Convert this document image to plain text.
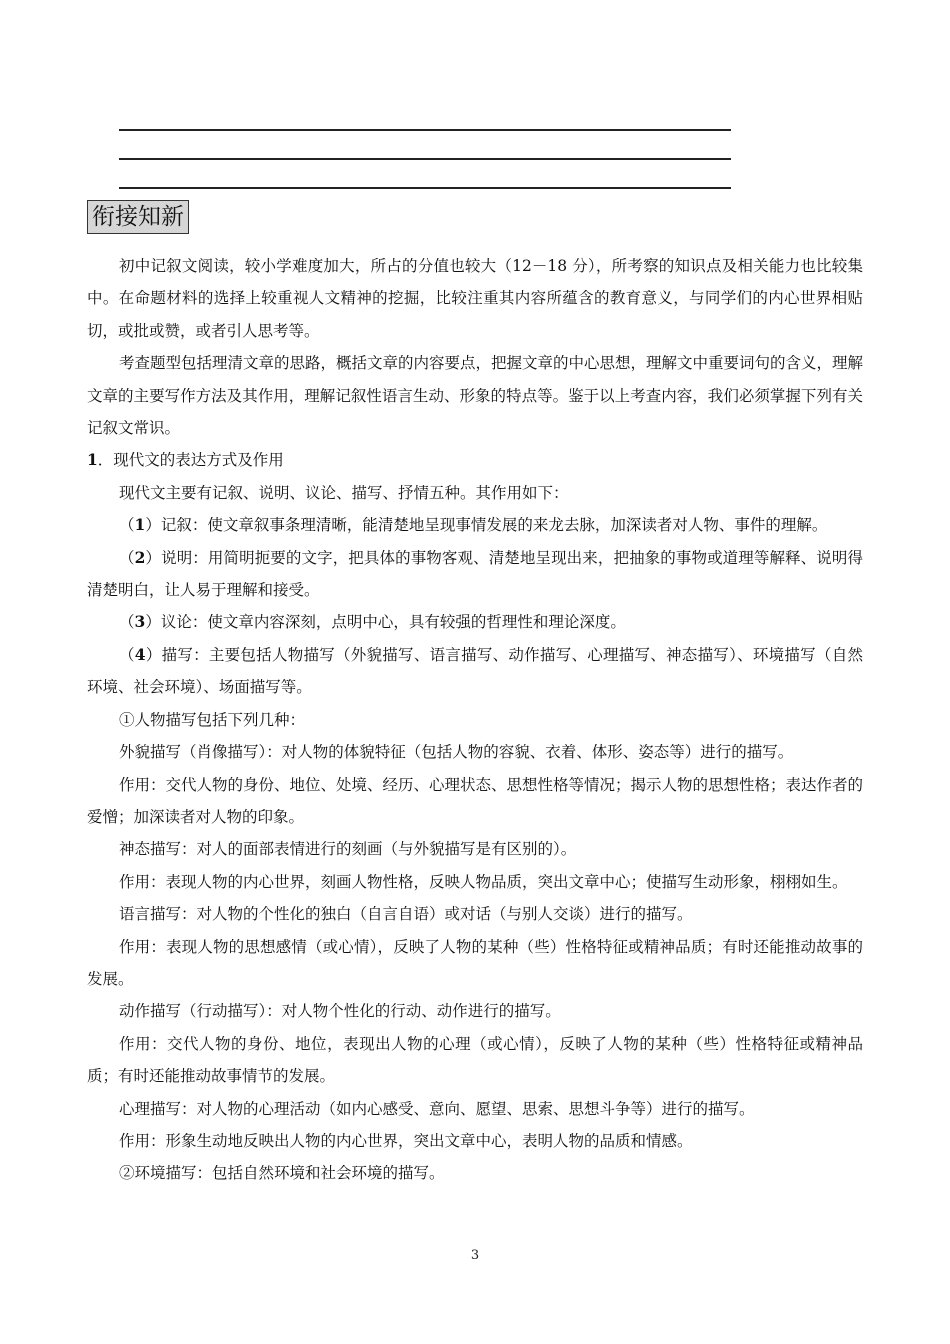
衔接知新

初中记叙文阅读，较小学难度加大，所占的分值也较大（12－18 分），所考察的知识点及相关能力也比较集中。在命题材料的选择上较重视人文精神的挖掘，比较注重其内容所蕴含的教育意义，与同学们的内心世界相贴切，或批或赞，或者引人思考等。

考查题型包括理清文章的思路，概括文章的内容要点，把握文章的中心思想，理解文中重要词句的含义，理解文章的主要写作方法及其作用，理解记叙性语言生动、形象的特点等。鉴于以上考查内容，我们必须掌握下列有关记叙文常识。

1．现代文的表达方式及作用

现代文主要有记叙、说明、议论、描写、抒情五种。其作用如下：

（1）记叙：使文章叙事条理清晰，能清楚地呈现事情发展的来龙去脉，加深读者对人物、事件的理解。

（2）说明：用简明扼要的文字，把具体的事物客观、清楚地呈现出来，把抽象的事物或道理等解释、说明得清楚明白，让人易于理解和接受。

（3）议论：使文章内容深刻，点明中心，具有较强的哲理性和理论深度。

（4）描写：主要包括人物描写（外貌描写、语言描写、动作描写、心理描写、神态描写）、环境描写（自然环境、社会环境）、场面描写等。

①人物描写包括下列几种：

外貌描写（肖像描写）：对人物的体貌特征（包括人物的容貌、衣着、体形、姿态等）进行的描写。

作用：交代人物的身份、地位、处境、经历、心理状态、思想性格等情况；揭示人物的思想性格；表达作者的爱憎；加深读者对人物的印象。

神态描写：对人的面部表情进行的刻画（与外貌描写是有区别的）。

作用：表现人物的内心世界，刻画人物性格，反映人物品质，突出文章中心；使描写生动形象，栩栩如生。

语言描写：对人物的个性化的独白（自言自语）或对话（与别人交谈）进行的描写。

作用：表现人物的思想感情（或心情），反映了人物的某种（些）性格特征或精神品质；有时还能推动故事的发展。

动作描写（行动描写）：对人物个性化的行动、动作进行的描写。

作用：交代人物的身份、地位，表现出人物的心理（或心情），反映了人物的某种（些）性格特征或精神品质；有时还能推动故事情节的发展。

心理描写：对人物的心理活动（如内心感受、意向、愿望、思索、思想斗争等）进行的描写。

作用：形象生动地反映出人物的内心世界，突出文章中心，表明人物的品质和情感。

②环境描写：包括自然环境和社会环境的描写。

3
